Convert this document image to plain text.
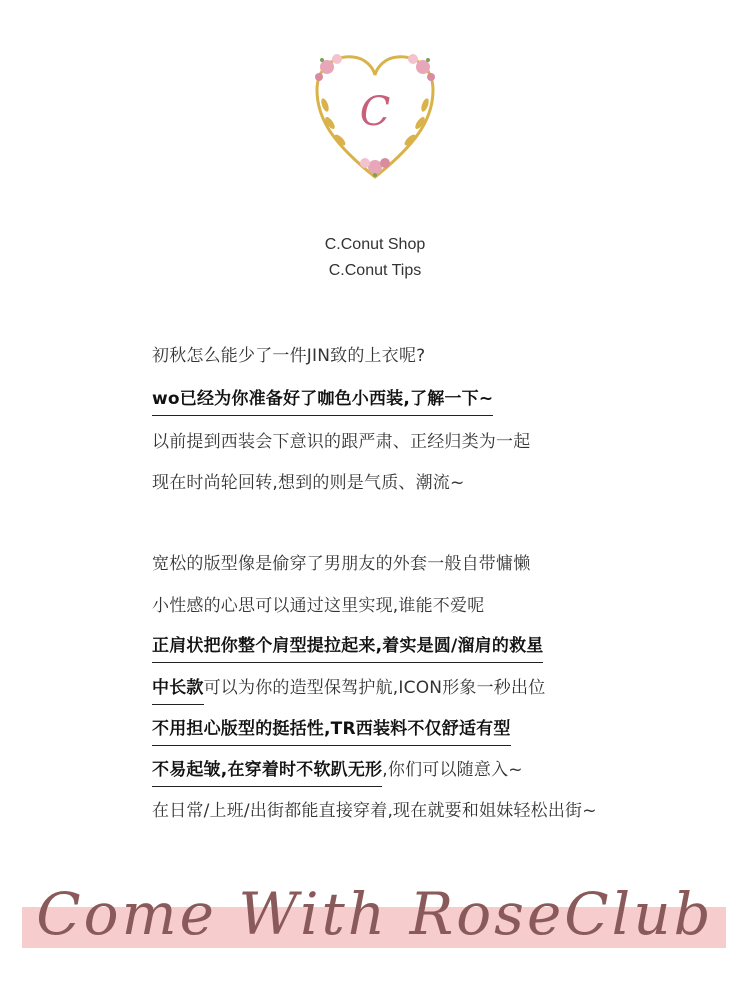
C
C.Conut Shop
C.Conut Tips
初秋怎么能少了一件JIN致的上衣呢?
wo已经为你准备好了咖色小西装,了解一下~
以前提到西装会下意识的跟严肃、正经归类为一起
现在时尚轮回转,想到的则是气质、潮流~
宽松的版型像是偷穿了男朋友的外套一般自带慵懒
小性感的心思可以通过这里实现,谁能不爱呢
正肩状把你整个肩型提拉起来,着实是圆/溜肩的救星
中长款可以为你的造型保驾护航,ICON形象一秒出位
不用担心版型的挺括性,TR西装料不仅舒适有型
不易起皱,在穿着时不软趴无形,你们可以随意入~
在日常/上班/出街都能直接穿着,现在就要和姐妹轻松出街~
Come With RoseClub
